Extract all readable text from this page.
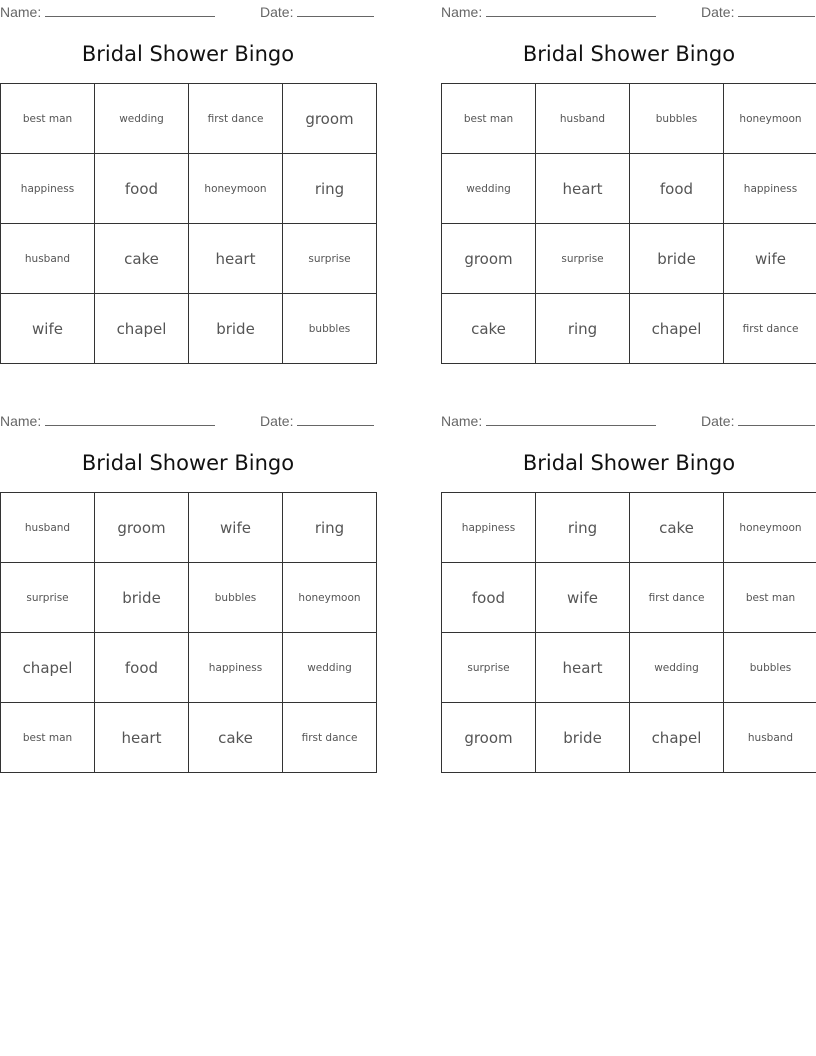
Name:	Date:
Bridal Shower Bingo
best man	wedding	first dance	groom
happiness	food	honeymoon	ring
husband	cake	heart	surprise
wife	chapel	bride	bubbles
Name:	Date:
Bridal Shower Bingo
best man	husband	bubbles	honeymoon
wedding	heart	food	happiness
groom	surprise	bride	wife
cake	ring	chapel	first dance
Name:	Date:
Bridal Shower Bingo
husband	groom	wife	ring
surprise	bride	bubbles	honeymoon
chapel	food	happiness	wedding
best man	heart	cake	first dance
Name:	Date:
Bridal Shower Bingo
happiness	ring	cake	honeymoon
food	wife	first dance	best man
surprise	heart	wedding	bubbles
groom	bride	chapel	husband
